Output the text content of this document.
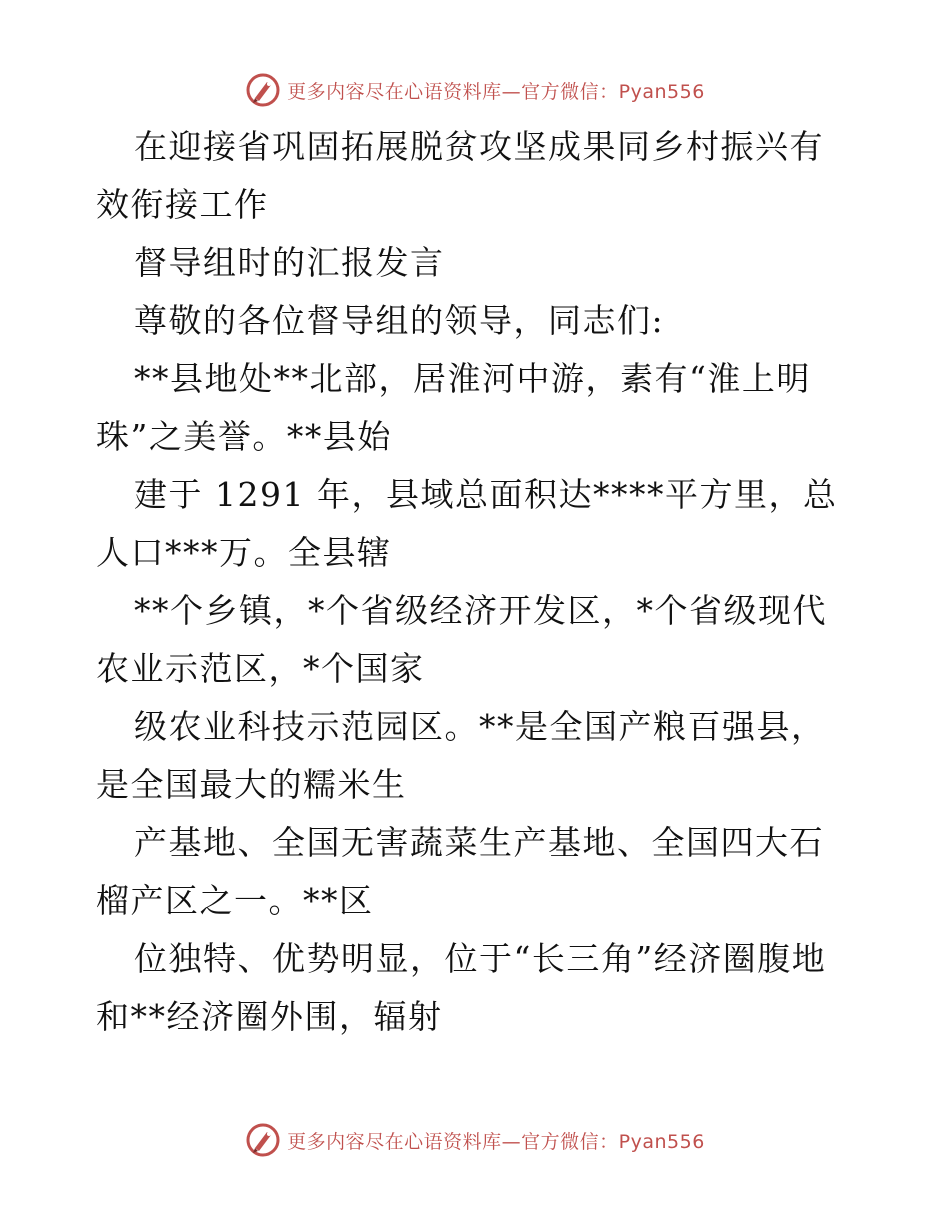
更多内容尽在心语资料库—官方微信：Pyan556

在迎接省巩固拓展脱贫攻坚成果同乡村振兴有效衔接工作

督导组时的汇报发言

尊敬的各位督导组的领导，同志们:

**县地处**北部，居淮河中游，素有“淮上明珠”之美誉。**县始

建于 1291 年，县域总面积达****平方里，总人口***万。全县辖

**个乡镇，*个省级经济开发区，*个省级现代农业示范区，*个国家

级农业科技示范园区。**是全国产粮百强县，是全国最大的糯米生

产基地、全国无害蔬菜生产基地、全国四大石榴产区之一。**区

位独特、优势明显，位于“长三角”经济圈腹地和**经济圈外围，辐射

更多内容尽在心语资料库—官方微信：Pyan556
